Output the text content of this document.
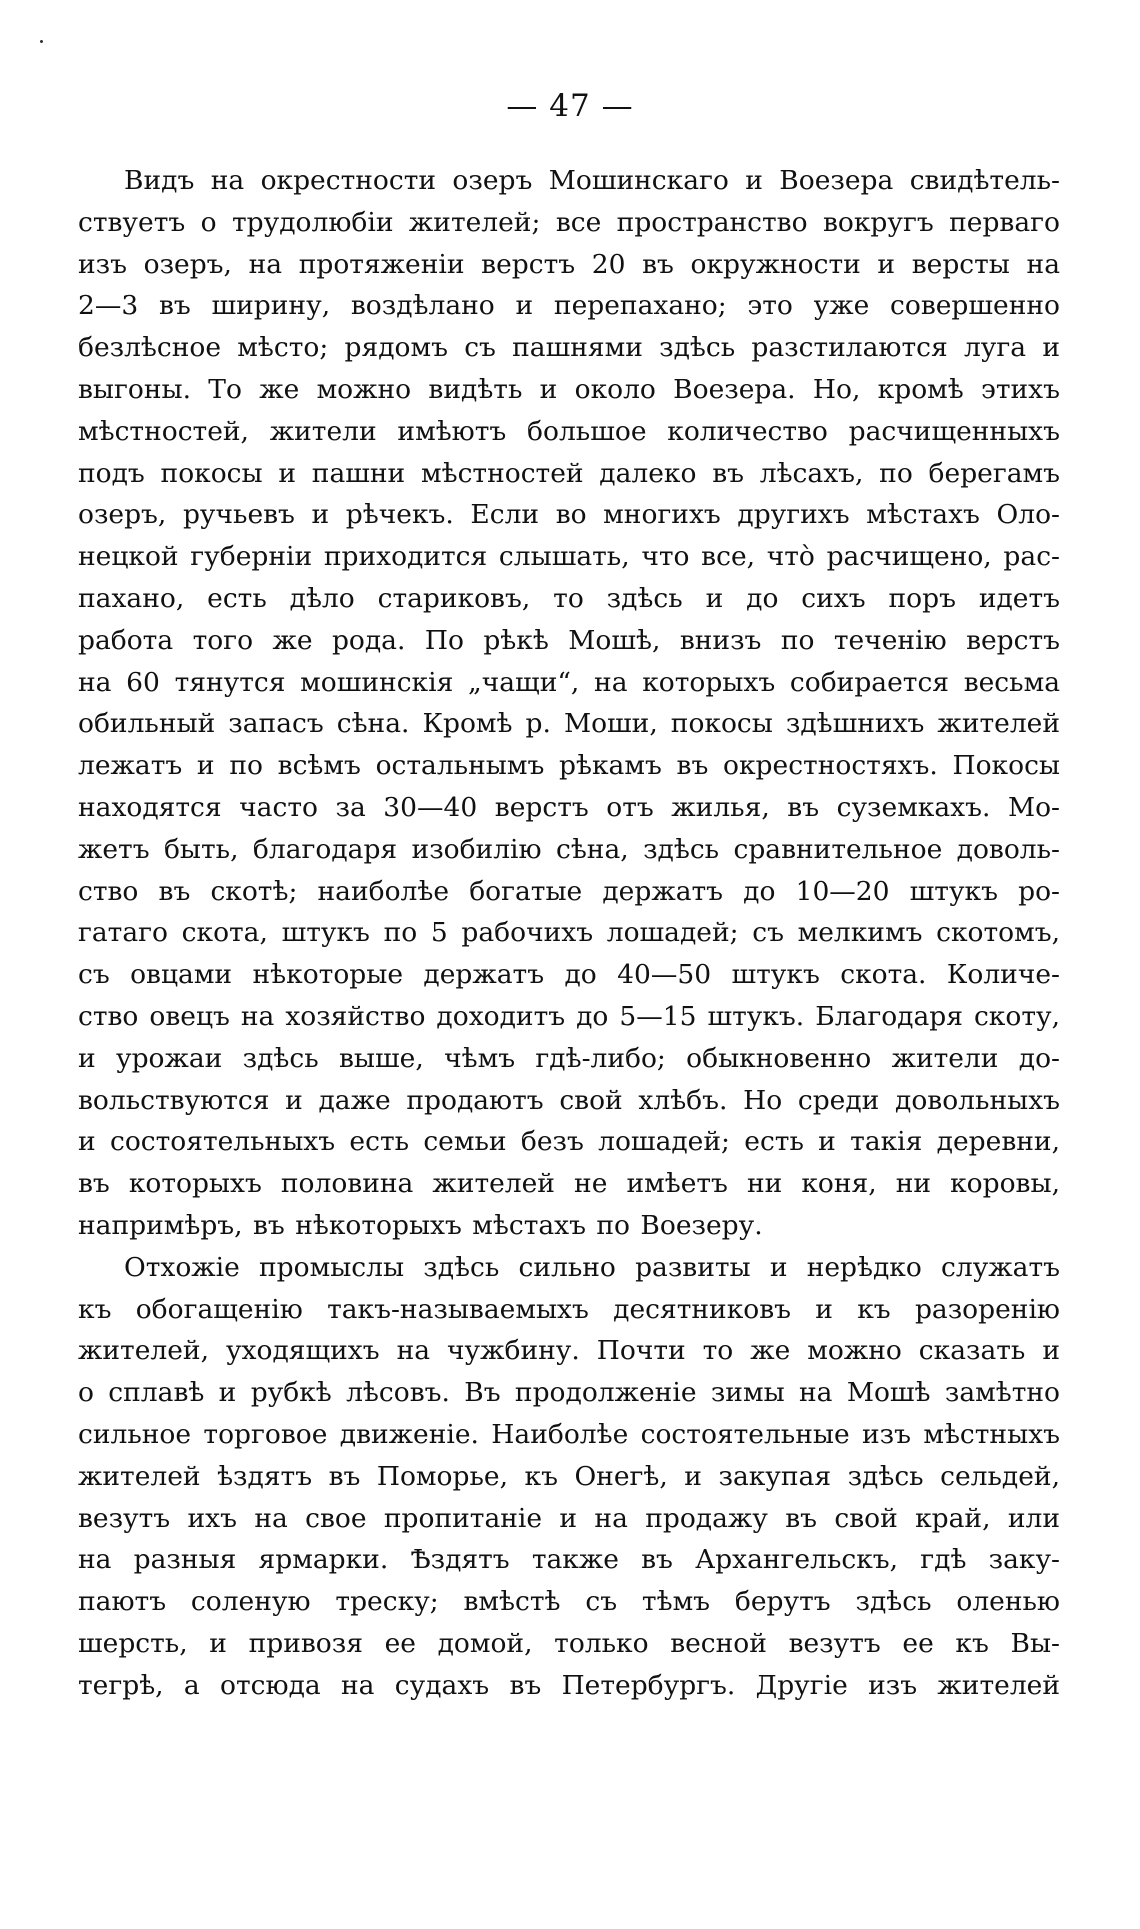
— 47 —

Видъ на окрестности озеръ Мошинскаго и Воезера свидѣтель-
ствуетъ о трудолюбіи жителей; все пространство вокругъ перваго
изъ озеръ, на протяженіи верстъ 20 въ окружности и версты на
2—3 въ ширину, воздѣлано и перепахано; это уже совершенно
безлѣсное мѣсто; рядомъ съ пашнями здѣсь разстилаются луга и
выгоны. То же можно видѣть и около Воезера. Но, кромѣ этихъ
мѣстностей, жители имѣютъ большое количество расчищенныхъ
подъ покосы и пашни мѣстностей далеко въ лѣсахъ, по берегамъ
озеръ, ручьевъ и рѣчекъ. Если во многихъ другихъ мѣстахъ Оло-
нецкой губерніи приходится слышать, что все, что̀ расчищено, рас-
пахано, есть дѣло стариковъ, то здѣсь и до сихъ поръ идетъ
работа того же рода. По рѣкѣ Мошѣ, внизъ по теченію верстъ
на 60 тянутся мошинскія „чащи“, на которыхъ собирается весьма
обильный запасъ сѣна. Кромѣ р. Моши, покосы здѣшнихъ жителей
лежатъ и по всѣмъ остальнымъ рѣкамъ въ окрестностяхъ. Покосы
находятся часто за 30—40 верстъ отъ жилья, въ суземкахъ. Мо-
жетъ быть, благодаря изобилію сѣна, здѣсь сравнительное доволь-
ство въ скотѣ; наиболѣе богатые держатъ до 10—20 штукъ ро-
гатаго скота, штукъ по 5 рабочихъ лошадей; съ мелкимъ скотомъ,
съ овцами нѣкоторые держатъ до 40—50 штукъ скота. Количе-
ство овецъ на хозяйство доходитъ до 5—15 штукъ. Благодаря скоту,
и урожаи здѣсь выше, чѣмъ гдѣ-либо; обыкновенно жители до-
вольствуются и даже продаютъ свой хлѣбъ. Но среди довольныхъ
и состоятельныхъ есть семьи безъ лошадей; есть и такія деревни,
въ которыхъ половина жителей не имѣетъ ни коня, ни коровы,
напримѣръ, въ нѣкоторыхъ мѣстахъ по Воезеру.
Отхожіе промыслы здѣсь сильно развиты и нерѣдко служатъ
къ обогащенію такъ-называемыхъ десятниковъ и къ разоренію
жителей, уходящихъ на чужбину. Почти то же можно сказать и
о сплавѣ и рубкѣ лѣсовъ. Въ продолженіе зимы на Мошѣ замѣтно
сильное торговое движеніе. Наиболѣе состоятельные изъ мѣстныхъ
жителей ѣздятъ въ Поморье, къ Онегѣ, и закупая здѣсь сельдей,
везутъ ихъ на свое пропитаніе и на продажу въ свой край, или
на разныя ярмарки. Ѣздятъ также въ Архангельскъ, гдѣ заку-
паютъ соленую треску; вмѣстѣ съ тѣмъ берутъ здѣсь оленью
шерсть, и привозя ее домой, только весной везутъ ее къ Вы-
тегрѣ, а отсюда на судахъ въ Петербургъ. Другіе изъ жителей
